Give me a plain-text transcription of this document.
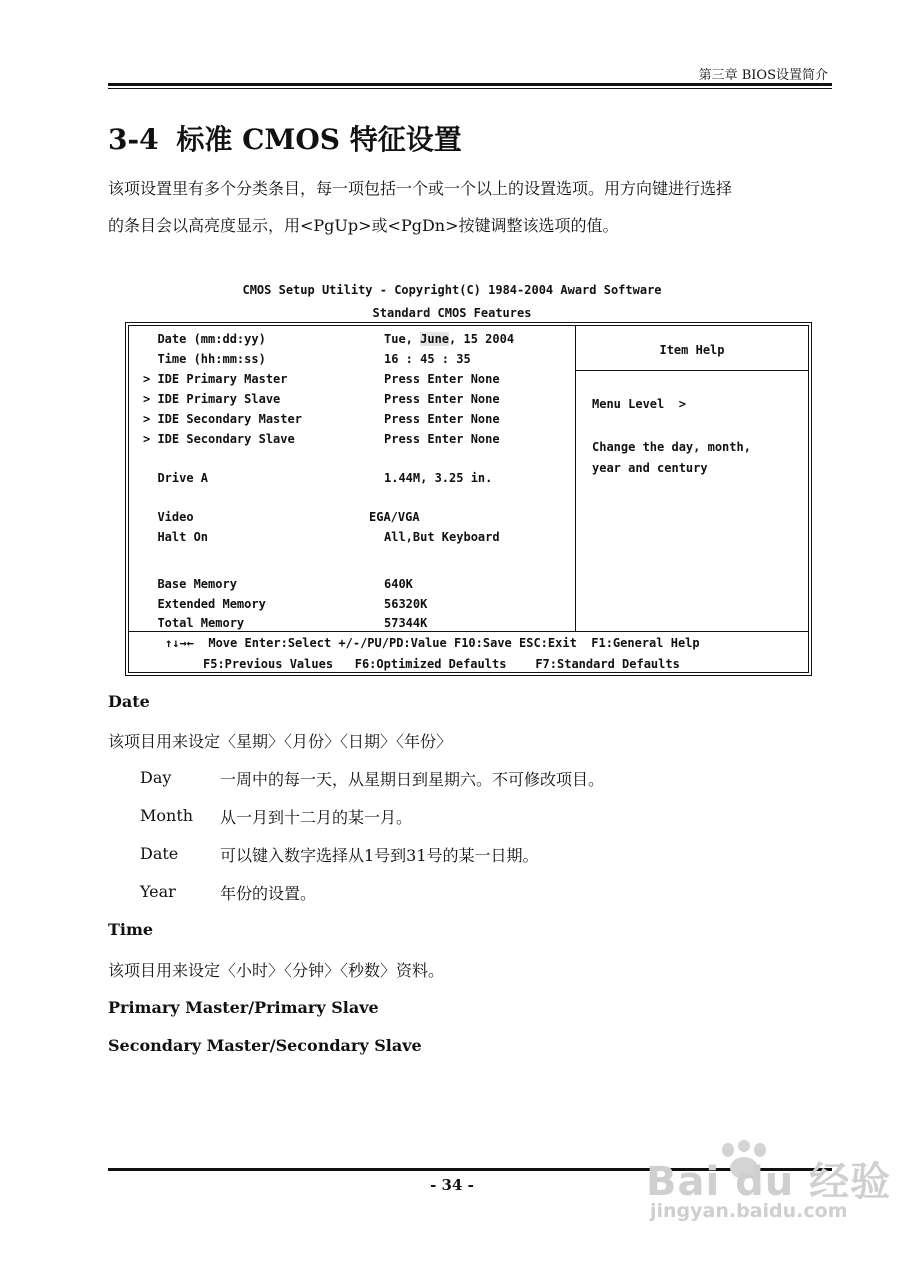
第三章 BIOS设置简介
3-4 标准 CMOS 特征设置
该项设置里有多个分类条目，每一项包括一个或一个以上的设置选项。用方向键进行选择
的条目会以高亮度显示，用<PgUp>或<PgDn>按键调整该选项的值。
CMOS Setup Utility - Copyright(C) 1984-2004 Award Software
Standard CMOS Features
Date (mm:dd:yy)	Tue, June, 15 2004
Time (hh:mm:ss)	16 : 45 : 35
> IDE Primary Master	Press Enter None
> IDE Primary Slave	Press Enter None
> IDE Secondary Master	Press Enter None
> IDE Secondary Slave	Press Enter None
Drive A	1.44M, 3.25 in.
Video	EGA/VGA
Halt On	All,But Keyboard
Base Memory	640K
Extended Memory	56320K
Total Memory	57344K
Item Help
Menu Level  >
Change the day, month,
year and century
↑↓→←  Move Enter:Select +/-/PU/PD:Value F10:Save ESC:Exit  F1:General Help
F5:Previous Values   F6:Optimized Defaults    F7:Standard Defaults
Date
该项目用来设定〈星期〉〈月份〉〈日期〉〈年份〉
Day	一周中的每一天，从星期日到星期六。不可修改项目。
Month 从一月到十二月的某一月。
Date	可以键入数字选择从1号到31号的某一日期。
Year	年份的设置。
Time
该项目用来设定〈小时〉〈分钟〉〈秒数〉资料。
Primary Master/Primary Slave
Secondary Master/Secondary Slave
- 34 -	Bai du 经验
jingyan.baidu.com
